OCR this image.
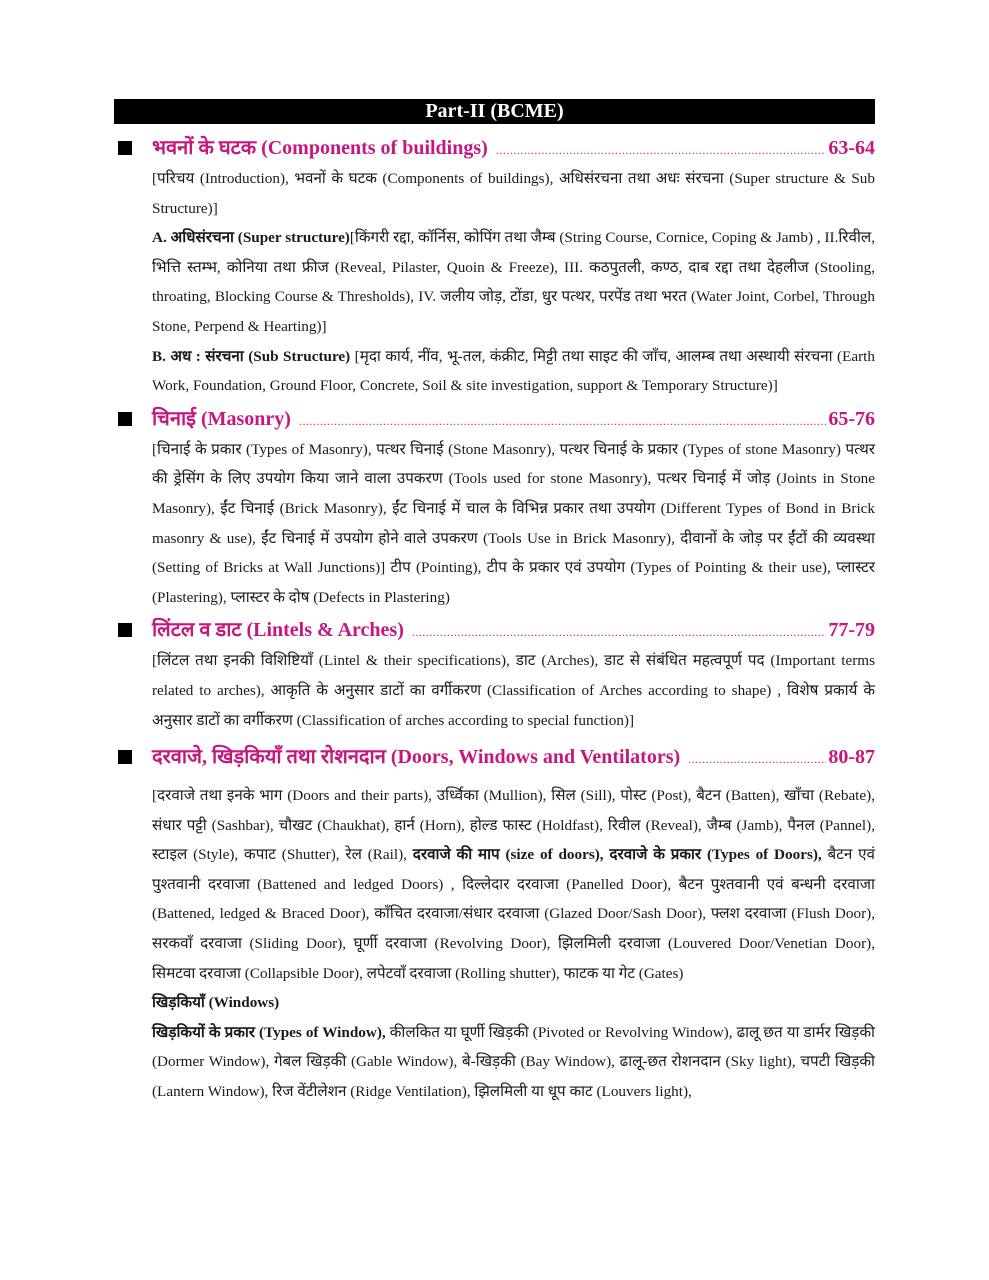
Part-II (BCME)
भवनों के घटक (Components of buildings) .....	63-64
[परिचय (Introduction), भवनों के घटक (Components of buildings), अधिसंरचना तथा अधः संरचना (Super structure & Sub Structure)]
A. अधिसंरचना (Super structure)[किंगरी रद्दा, कॉर्निस, कोपिंग तथा जैम्ब (String Course, Cornice, Coping & Jamb) , II.रिवील, भित्ति स्तम्भ, कोनिया तथा फ्रीज (Reveal, Pilaster, Quoin & Freeze), III. कठपुतली, कण्ठ, दाब रद्दा तथा देहलीज (Stooling, throating, Blocking Course & Thresholds), IV. जलीय जोड़, टोंडा, धुर पत्थर, परपेंड तथा भरत (Water Joint, Corbel, Through Stone, Perpend & Hearting)]
B. अध : संरचना (Sub Structure) [मृदा कार्य, नींव, भू-तल, कंक्रीट, मिट्टी तथा साइट की जाँच, आलम्ब तथा अस्थायी संरचना (Earth Work, Foundation, Ground Floor, Concrete, Soil & site investigation, support & Temporary Structure)]
चिनाई (Masonry) .....	65-76
[चिनाई के प्रकार (Types of Masonry), पत्थर चिनाई (Stone Masonry), पत्थर चिनाई के प्रकार (Types of stone Masonry) पत्थर की ड्रेसिंग के लिए उपयोग किया जाने वाला उपकरण (Tools used for stone Masonry), पत्थर चिनाई में जोड़ (Joints in Stone Masonry), ईंट चिनाई (Brick Masonry), ईंट चिनाई में चाल के विभिन्न प्रकार तथा उपयोग (Different Types of Bond in Brick masonry & use), ईंट चिनाई में उपयोग होने वाले उपकरण (Tools Use in Brick Masonry), दीवानों के जोड़ पर ईंटों की व्यवस्था (Setting of Bricks at Wall Junctions)] टीप (Pointing), टीप के प्रकार एवं उपयोग (Types of Pointing & their use), प्लास्टर (Plastering), प्लास्टर के दोष (Defects in Plastering)
लिंटल व डाट (Lintels & Arches) .....	77-79
[लिंटल तथा इनकी विशिष्टियाँ (Lintel & their specifications), डाट (Arches), डाट से संबंधित महत्वपूर्ण पद (Important terms related to arches), आकृति के अनुसार डाटों का वर्गीकरण (Classification of Arches according to shape) , विशेष प्रकार्य के अनुसार डाटों का वर्गीकरण (Classification of arches according to special function)]
दरवाजे, खिड़कियाँ तथा रोशनदान (Doors, Windows and Ventilators) .....	80-87
[दरवाजे तथा इनके भाग (Doors and their parts), उर्ध्विका (Mullion), सिल (Sill), पोस्ट (Post), बैटन (Batten), खाँचा (Rebate), संधार पट्टी (Sashbar), चौखट (Chaukhat), हार्न (Horn), होल्ड फास्ट (Holdfast), रिवील (Reveal), जैम्ब (Jamb), पैनल (Pannel), स्टाइल (Style), कपाट (Shutter), रेल (Rail), दरवाजे की माप (size of doors), दरवाजे के प्रकार (Types of Doors), बैटन एवं पुश्तवानी दरवाजा (Battened and ledged Doors) , दिल्लेदार दरवाजा (Panelled Door), बैटन पुश्तवानी एवं बन्धनी दरवाजा (Battened, ledged & Braced Door), काँचित दरवाजा/संधार दरवाजा (Glazed Door/Sash Door), फ्लश दरवाजा (Flush Door), सरकवाँ दरवाजा (Sliding Door), घूर्णी दरवाजा (Revolving Door), झिलमिली दरवाजा (Louvered Door/Venetian Door), सिमटवा दरवाजा (Collapsible Door), लपेटवाँ दरवाजा (Rolling shutter), फाटक या गेट (Gates)
खिड़कियाँ (Windows)
खिड़कियों के प्रकार (Types of Window), कीलकित या घूर्णी खिड़की (Pivoted or Revolving Window), ढालू छत या डार्मर खिड़की (Dormer Window), गेबल खिड़की (Gable Window), बे-खिड़की (Bay Window), ढालू-छत रोशनदान (Sky light), चपटी खिड़की (Lantern Window), रिज वेंटीलेशन (Ridge Ventilation), झिलमिली या धूप काट (Louvers light),
